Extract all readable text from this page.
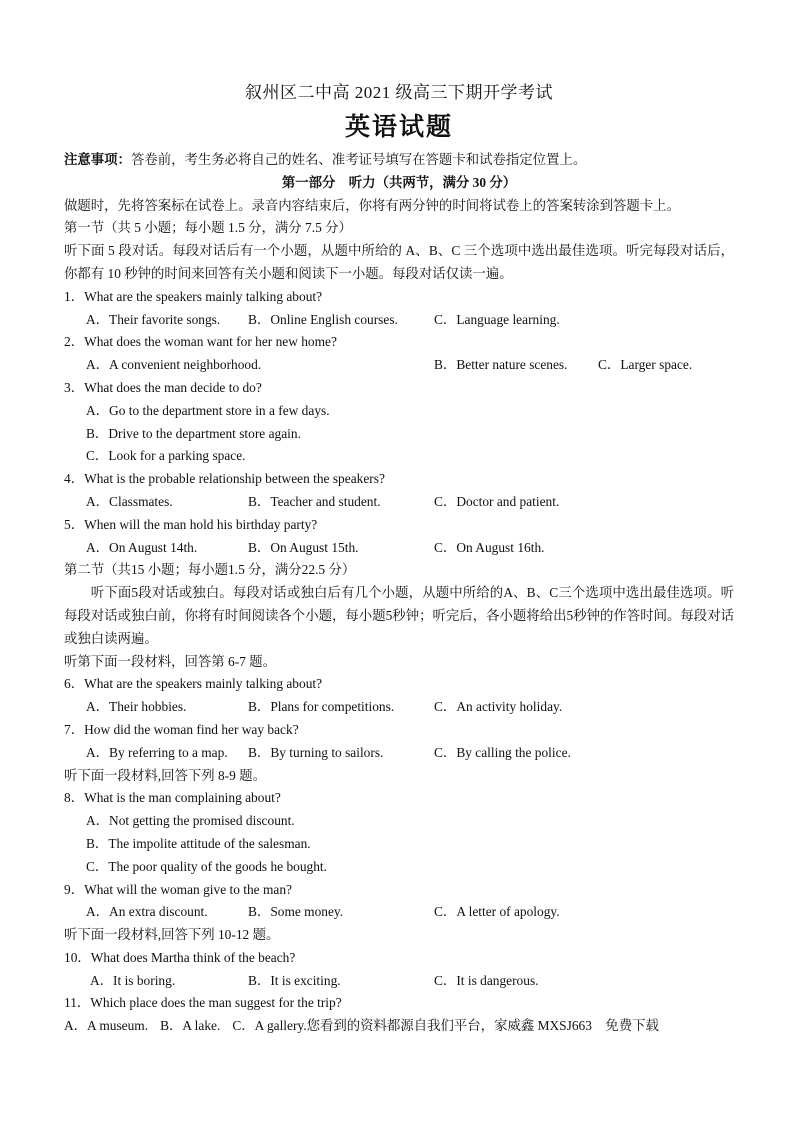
叙州区二中高 2021 级高三下期开学考试
英语试题
注意事项：答卷前，考生务必将自己的姓名、准考证号填写在答题卡和试卷指定位置上。
第一部分　听力（共两节，满分 30 分）
做题时，先将答案标在试卷上。录音内容结束后，你将有两分钟的时间将试卷上的答案转涂到答题卡上。
第一节（共 5 小题；每小题 1.5 分，满分 7.5 分）
听下面 5 段对话。每段对话后有一个小题，从题中所给的 A、B、C 三个选项中选出最佳选项。听完每段对话后，你都有 10 秒钟的时间来回答有关小题和阅读下一小题。每段对话仅读一遍。
1．What are the speakers mainly talking about?
A．Their favorite songs.	B．Online English courses.	C．Language learning.
2．What does the woman want for her new home?
A．A convenient neighborhood.	B．Better nature scenes.	C．Larger space.
3．What does the man decide to do?
A．Go to the department store in a few days.
B．Drive to the department store again.
C．Look for a parking space.
4．What is the probable relationship between the speakers?
A．Classmates.	B．Teacher and student.	C．Doctor and patient.
5．When will the man hold his birthday party?
A．On August 14th.	B．On August 15th.	C．On August 16th.
第二节（共15 小题；每小题1.5 分，满分22.5 分）
听下面5段对话或独白。每段对话或独白后有几个小题，从题中所给的A、B、C三个选项中选出最佳选项。听每段对话或独白前，你将有时间阅读各个小题，每小题5秒钟；听完后，各小题将给出5秒钟的作答时间。每段对话或独白读两遍。
听第下面一段材料，回答第 6-7 题。
6．What are the speakers mainly talking about?
A．Their hobbies.	B．Plans for competitions.	C．An activity holiday.
7．How did the woman find her way back?
A．By referring to a map.	B．By turning to sailors.	C．By calling the police.
听下面一段材料,回答下列 8-9 题。
8．What is the man complaining about?
A．Not getting the promised discount.
B．The impolite attitude of the salesman.
C．The poor quality of the goods he bought.
9．What will the woman give to the man?
A．An extra discount.	B．Some money.	C．A letter of apology.
听下面一段材料,回答下列 10-12 题。
10．What does Martha think of the beach?
A．It is boring.	B．It is exciting.	C．It is dangerous.
11．Which place does the man suggest for the trip?
A．A museum. B．A lake. C．A gallery.您看到的资料都源自我们平台，家威鑫 MXSJ663　免费下载
